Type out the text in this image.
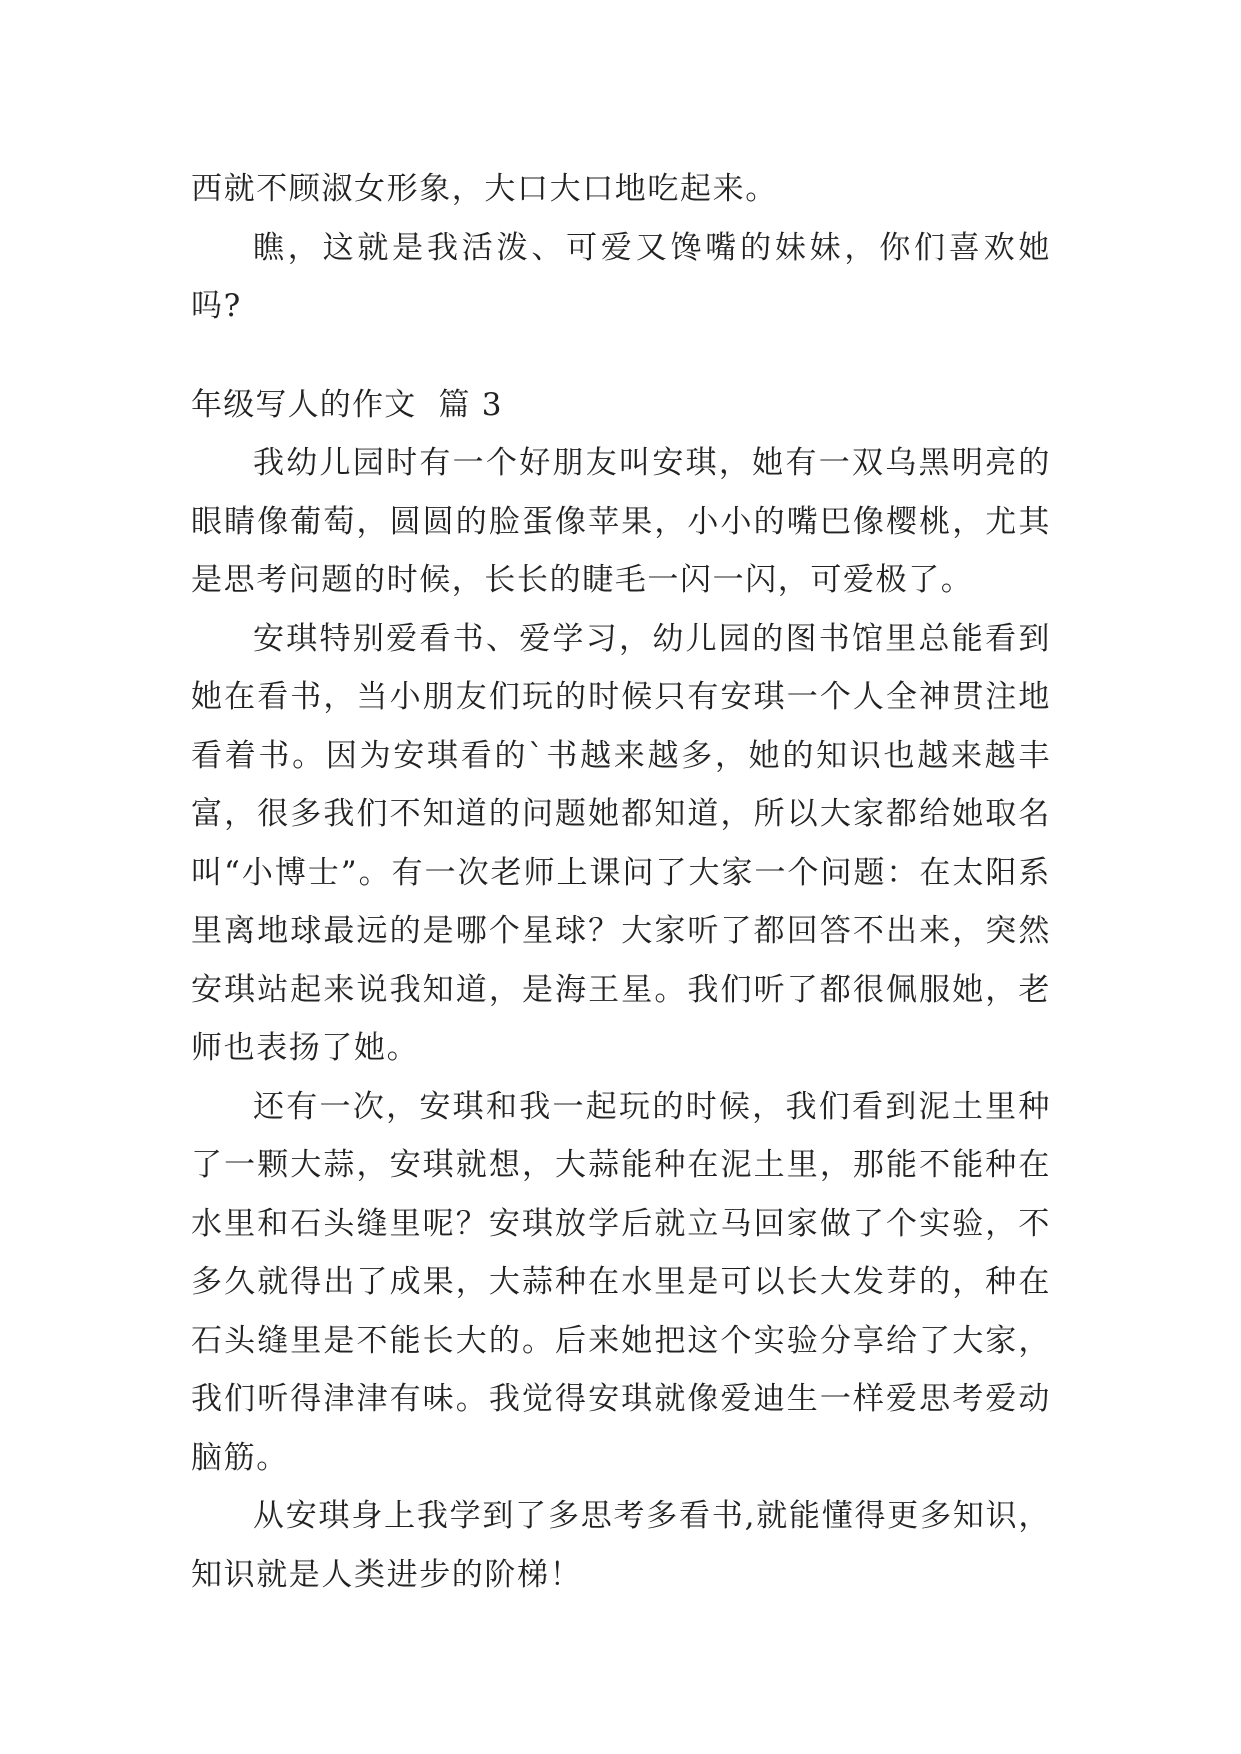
西就不顾淑女形象，大口大口地吃起来。

瞧，这就是我活泼、可爱又馋嘴的妹妹，你们喜欢她吗?

年级写人的作文  篇 3

我幼儿园时有一个好朋友叫安琪，她有一双乌黑明亮的眼睛像葡萄，圆圆的脸蛋像苹果，小小的嘴巴像樱桃，尤其是思考问题的时候，长长的睫毛一闪一闪，可爱极了。

安琪特别爱看书、爱学习，幼儿园的图书馆里总能看到她在看书，当小朋友们玩的时候只有安琪一个人全神贯注地看着书。因为安琪看的`书越来越多，她的知识也越来越丰富，很多我们不知道的问题她都知道，所以大家都给她取名叫“小博士”。有一次老师上课问了大家一个问题：在太阳系里离地球最远的是哪个星球？大家听了都回答不出来，突然安琪站起来说我知道，是海王星。我们听了都很佩服她，老师也表扬了她。

还有一次，安琪和我一起玩的时候，我们看到泥土里种了一颗大蒜，安琪就想，大蒜能种在泥土里，那能不能种在水里和石头缝里呢？安琪放学后就立马回家做了个实验，不多久就得出了成果，大蒜种在水里是可以长大发芽的，种在石头缝里是不能长大的。后来她把这个实验分享给了大家，我们听得津津有味。我觉得安琪就像爱迪生一样爱思考爱动脑筋。

从安琪身上我学到了多思考多看书,就能懂得更多知识，知识就是人类进步的阶梯！
